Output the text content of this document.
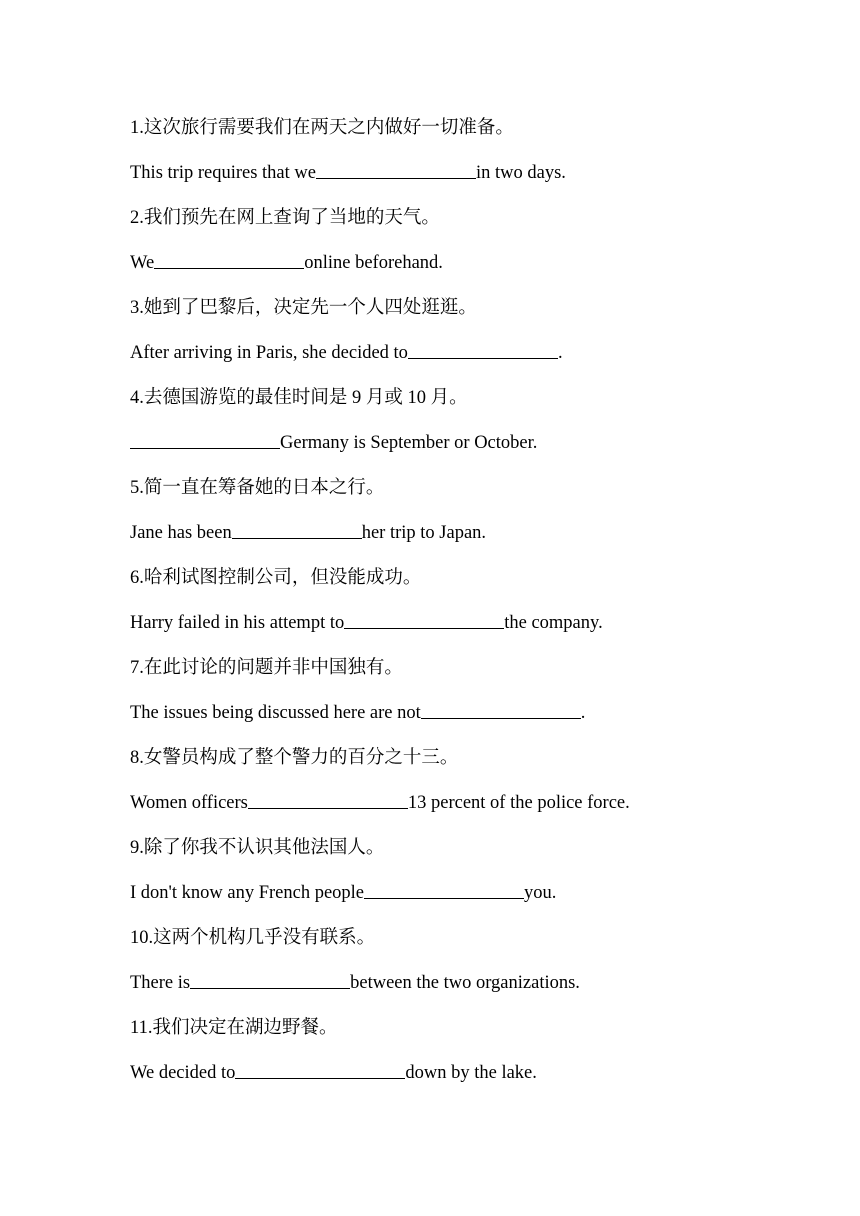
1.这次旅行需要我们在两天之内做好一切准备。
This trip requires that we	in two days.
2.我们预先在网上查询了当地的天气。
We	online beforehand.
3.她到了巴黎后，决定先一个人四处逛逛。
After arriving in Paris, she decided to	.
4.去德国游览的最佳时间是 9 月或 10 月。
Germany is September or October.
5.简一直在筹备她的日本之行。
Jane has been	her trip to Japan.
6.哈利试图控制公司，但没能成功。
Harry failed in his attempt to	the company.
7.在此讨论的问题并非中国独有。
The issues being discussed here are not	.
8.女警员构成了整个警力的百分之十三。
Women officers	13 percent of the police force.
9.除了你我不认识其他法国人。
I don't know any French people	you.
10.这两个机构几乎没有联系。
There is	between the two organizations.
11.我们决定在湖边野餐。
We decided to	down by the lake.
